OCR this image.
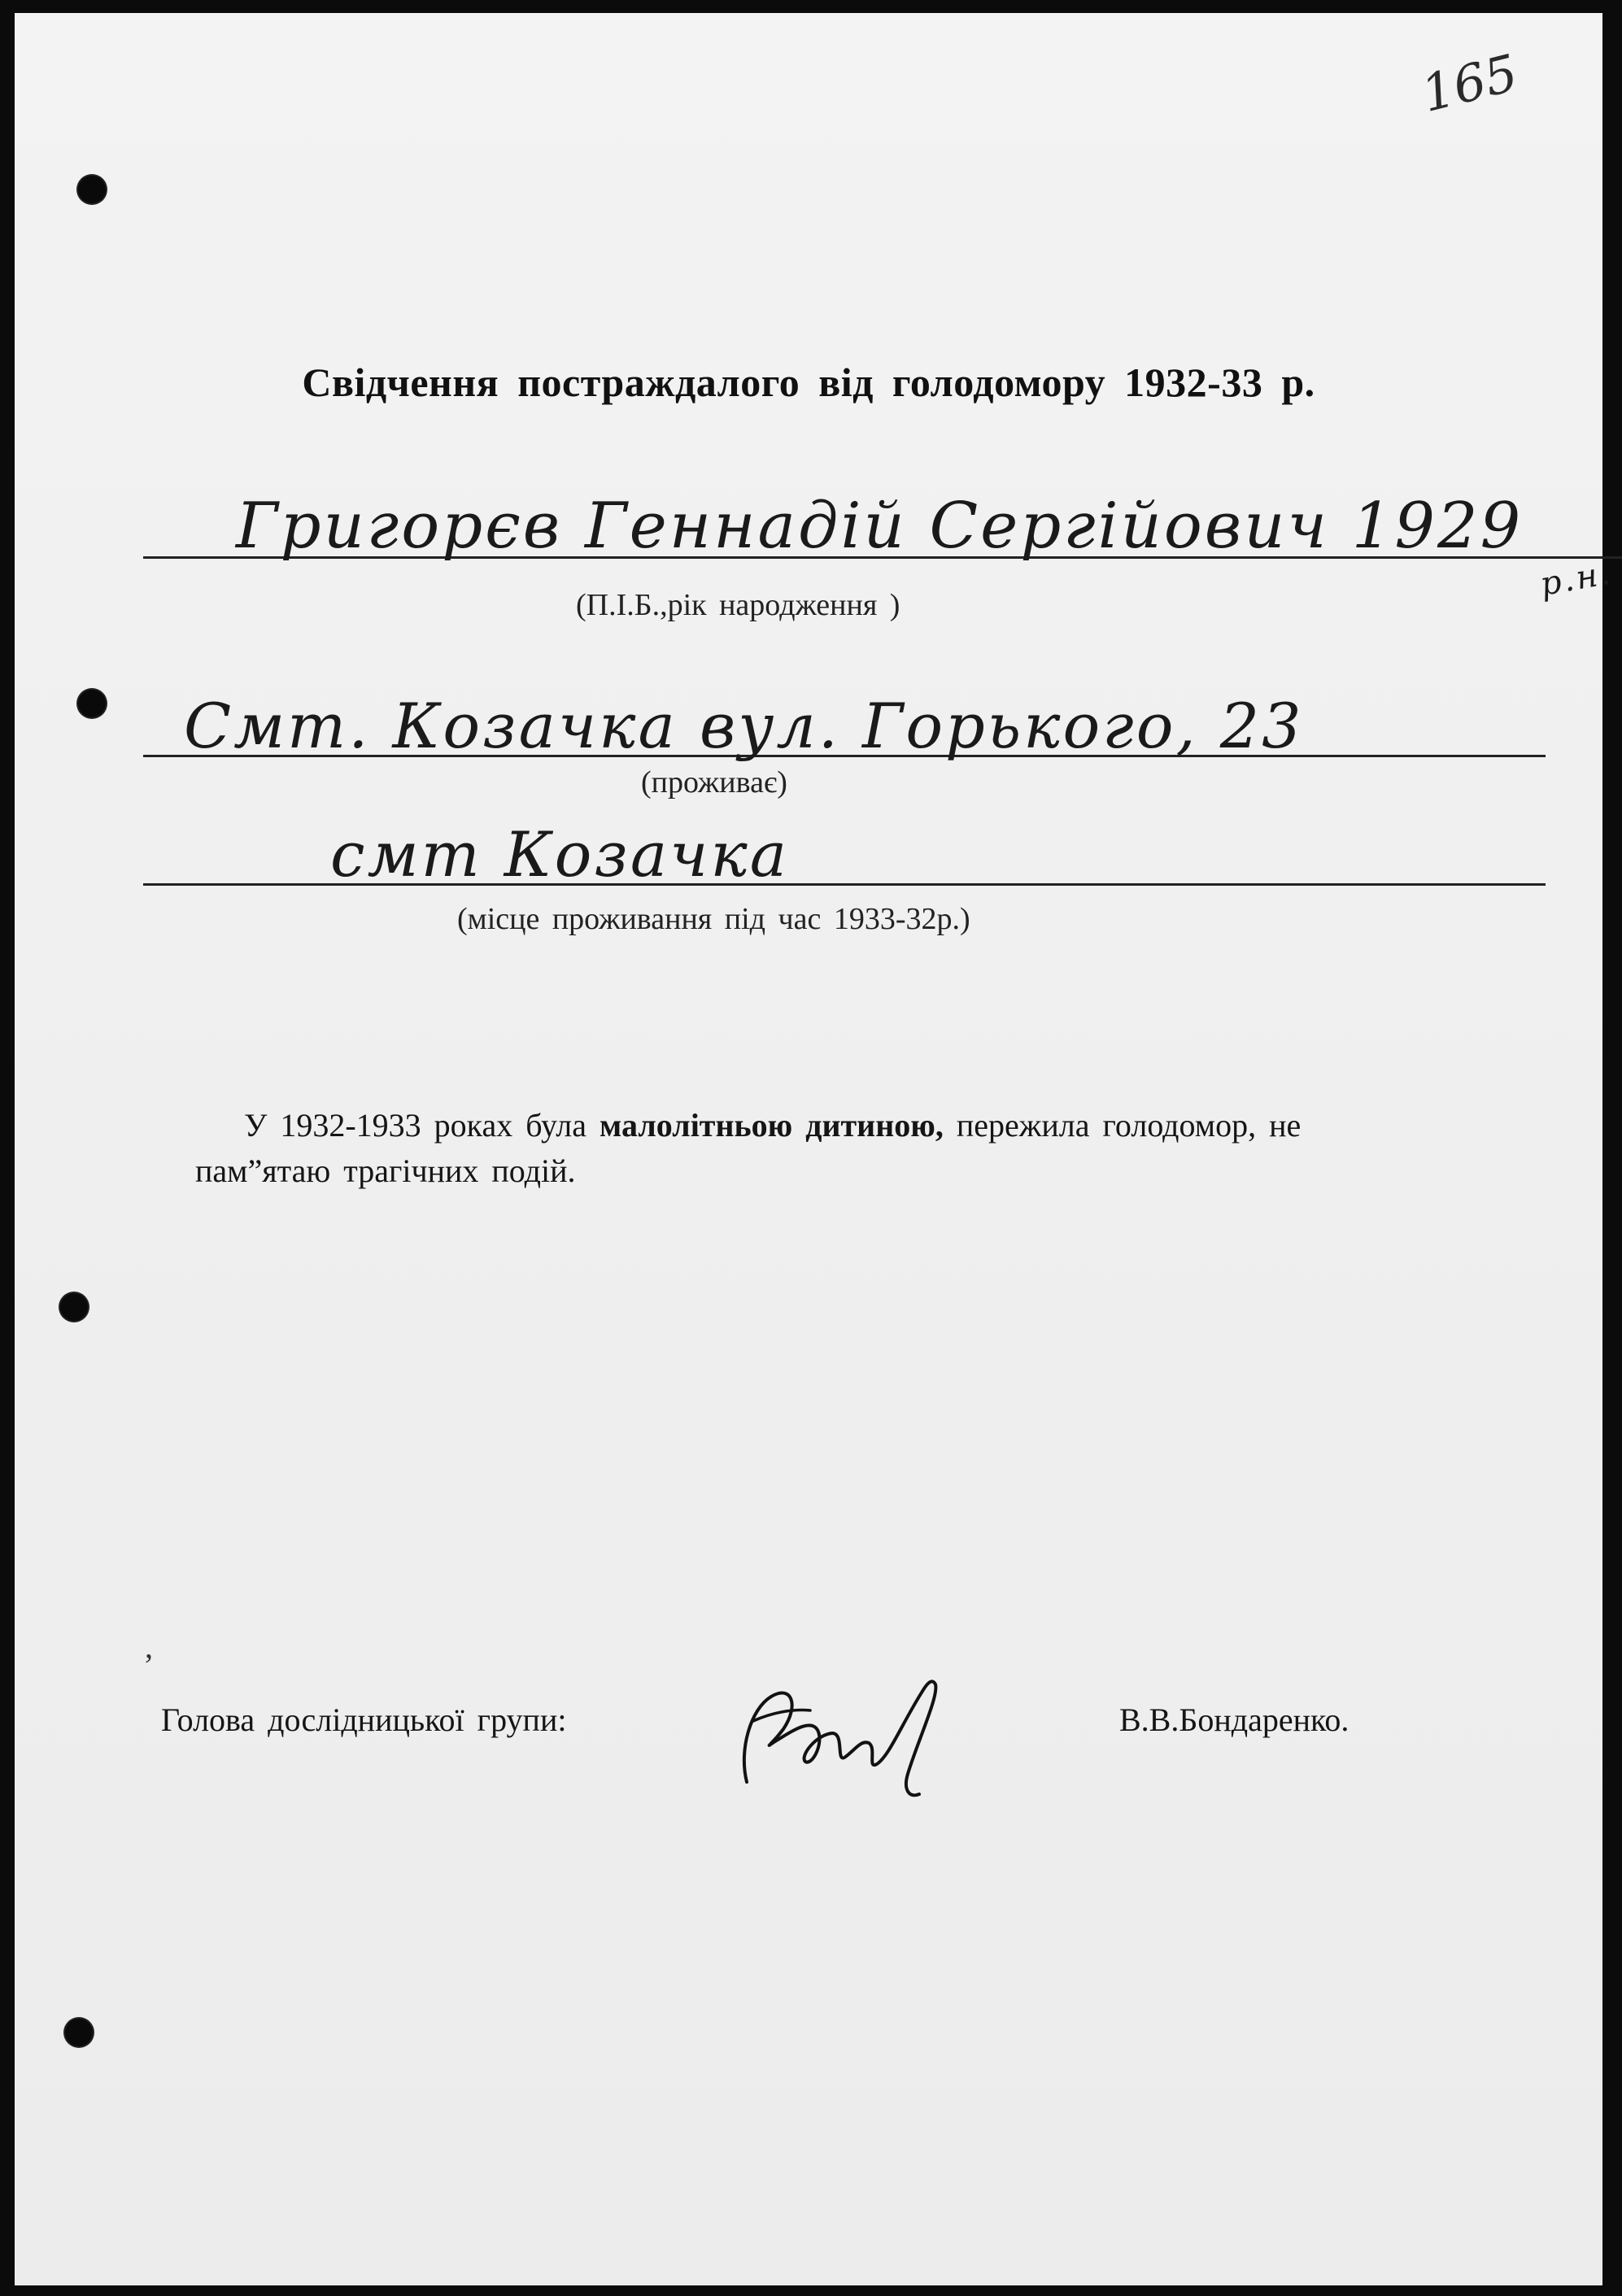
165
Свідчення постраждалого від голодомору 1932-33 р.
Григорєв Геннадій Сергійович 1929
р.н.
(П.І.Б.,рік народження )
Смт. Козачка вул. Горького, 23
(проживає)
смт Козачка
(місце проживання під час 1933-32р.)
У 1932-1933 роках була малолітньою дитиною, пережила голодомор, не пам”ятаю трагічних подій.
,
Голова дослідницької групи:	В.В.Бондаренко.
